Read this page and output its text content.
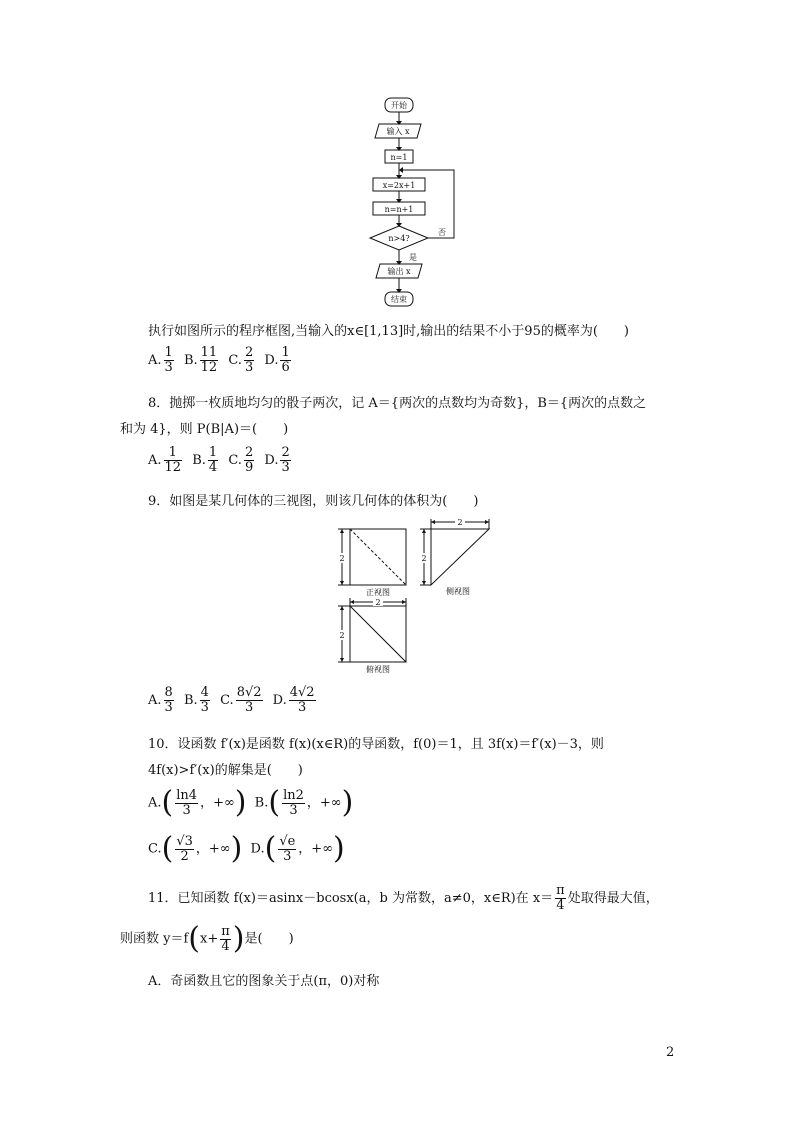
开始
输入 x
n=1
x=2x+1
n=n+1
n>4?
输出 x
结束
否
是
执行如图所示的程序框图,当输入的x∈[1,13]时,输出的结果不小于95的概率为(　　)
A. $\frac{1}{3} B$. $\frac{11}{12} C$. $\frac{2}{3} D$. $\frac{1}{6}$
8．抛掷一枚质地均匀的骰子两次，记 A＝{两次的点数均为奇数}，B＝{两次的点数之
和为 4}，则 P(B|A)＝(　　)
A. $\frac{1}{12} B$. $\frac{1}{4} C$. $\frac{2}{9} D$. $\frac{2}{3}$
9．如图是某几何体的三视图，则该几何体的体积为(　　)
2
2
2
2
2
正视图	侧视图
俯视图
A. $\frac{8}{3} B$. $\frac{4}{3} C$. $\frac{8√2}{3} D$. $\frac{4√2}{3}$
10．设函数 f′(x)是函数 f(x)(x∈R)的导函数，f(0)＝1，且 3f(x)＝f′(x)－3，则
4f(x)>f′(x)的解集是(　　)
$A.( \frac{\ln 4}{3}$ ，+∞) $B.( \frac{\ln 2}{3}$ ，+∞)
$C.( \frac{√3}{2}$ ，+∞) $D.( \frac{√e}{3}$ ，+∞)
11．已知函数 f(x)＝asinx－bcosx(a，b 为常数，a≠0，x∈R)在 $x= \frac{\pi}{4}$ 处取得最大值，
则函数 $y=f(x+ \frac{\pi}{4}$ )是(　　)
A．奇函数且它的图象关于点(π，0)对称
2
